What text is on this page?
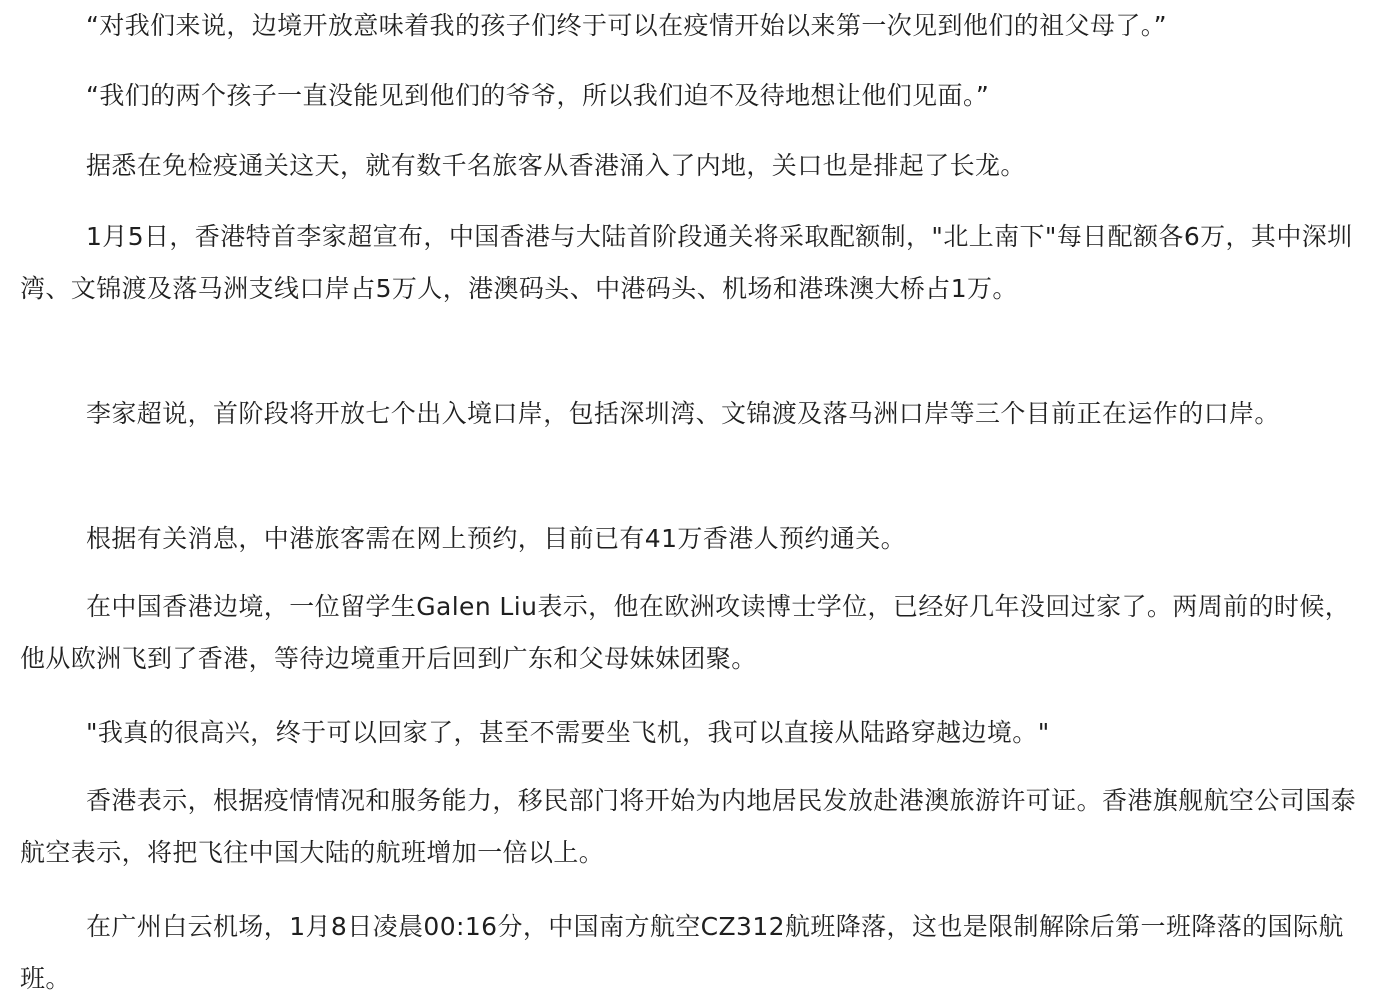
“对我们来说，边境开放意味着我的孩子们终于可以在疫情开始以来第一次见到他们的祖父母了。”

“我们的两个孩子一直没能见到他们的爷爷，所以我们迫不及待地想让他们见面。”

据悉在免检疫通关这天，就有数千名旅客从香港涌入了内地，关口也是排起了长龙。

1月5日，香港特首李家超宣布，中国香港与大陆首阶段通关将采取配额制，"北上南下"每日配额各6万，其中深圳湾、文锦渡及落马洲支线口岸占5万人，港澳码头、中港码头、机场和港珠澳大桥占1万。

李家超说，首阶段将开放七个出入境口岸，包括深圳湾、文锦渡及落马洲口岸等三个目前正在运作的口岸。

根据有关消息，中港旅客需在网上预约，目前已有41万香港人预约通关。

在中国香港边境，一位留学生Galen Liu表示，他在欧洲攻读博士学位，已经好几年没回过家了。两周前的时候，他从欧洲飞到了香港，等待边境重开后回到广东和父母妹妹团聚。

"我真的很高兴，终于可以回家了，甚至不需要坐飞机，我可以直接从陆路穿越边境。"

香港表示，根据疫情情况和服务能力，移民部门将开始为内地居民发放赴港澳旅游许可证。香港旗舰航空公司国泰航空表示，将把飞往中国大陆的航班增加一倍以上。

在广州白云机场，1月8日凌晨00:16分，中国南方航空CZ312航班降落，这也是限制解除后第一班降落的国际航班。
